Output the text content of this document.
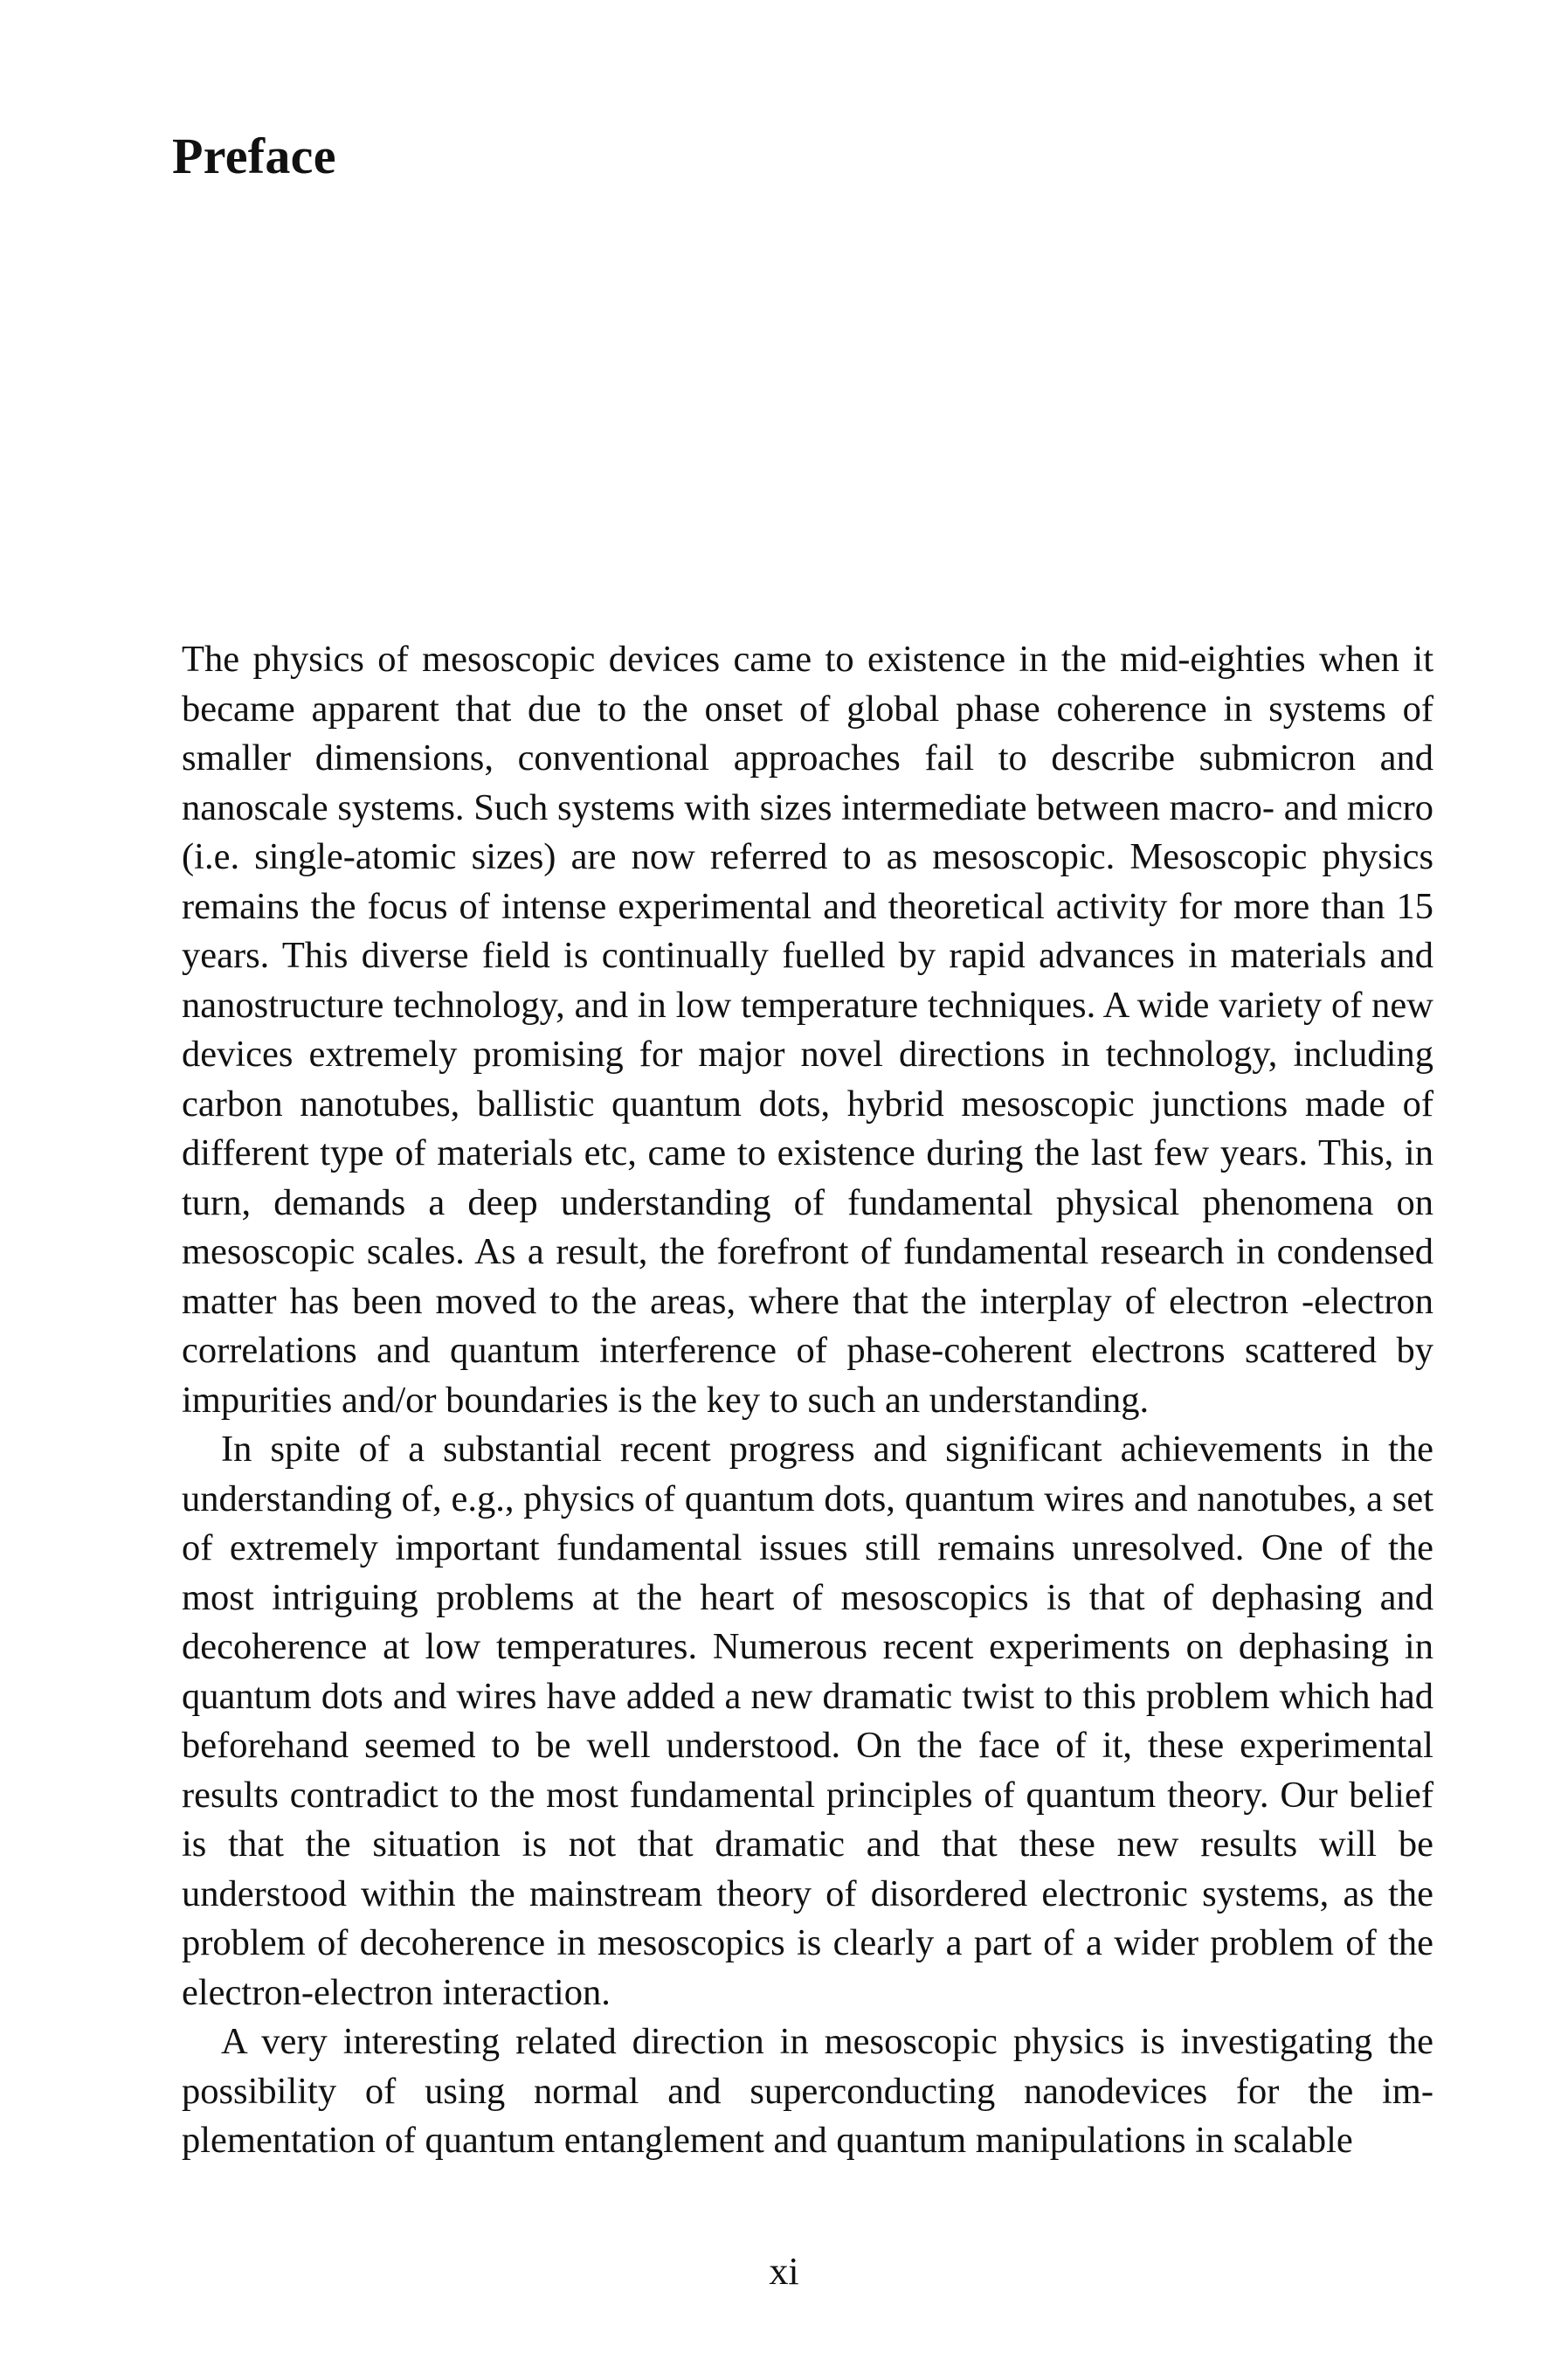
Preface

The physics of mesoscopic devices came to existence in the mid-eighties when it became apparent that due to the onset of global phase coherence in systems of smaller dimensions, conventional approaches fail to describe submicron and nanoscale systems. Such systems with sizes intermediate between macro- and micro (i.e. single-atomic sizes) are now referred to as mesoscopic. Mesoscopic physics remains the focus of intense experimental and theoretical activity for more than 15 years. This diverse field is continually fuelled by rapid advances in materials and nanostructure technology, and in low temperature techniques. A wide variety of new devices extremely promising for major novel directions in technology, including carbon nanotubes, ballistic quantum dots, hybrid mesoscopic junctions made of different type of materials etc, came to existence during the last few years. This, in turn, demands a deep understanding of fundamental physical phenomena on mesoscopic scales. As a result, the forefront of fundamental research in condensed matter has been moved to the areas, where that the interplay of electron -electron correlations and quantum interference of phase-coherent electrons scattered by impurities and/or boundaries is the key to such an understanding.

In spite of a substantial recent progress and significant achievements in the understanding of, e.g., physics of quantum dots, quantum wires and nanotubes, a set of extremely important fundamental issues still remains unresolved. One of the most intriguing problems at the heart of mesoscopics is that of dephasing and decoherence at low temperatures. Numerous recent experiments on dephasing in quantum dots and wires have added a new dramatic twist to this problem which had beforehand seemed to be well understood. On the face of it, these experimental results contradict to the most fundamental principles of quantum theory. Our belief is that the situation is not that dramatic and that these new results will be understood within the mainstream theory of disordered electronic systems, as the problem of decoherence in mesoscopics is clearly a part of a wider problem of the electron-electron interaction.

A very interesting related direction in mesoscopic physics is investigating the possibility of using normal and superconducting nanodevices for the implementation of quantum entanglement and quantum manipulations in scalable

xi
